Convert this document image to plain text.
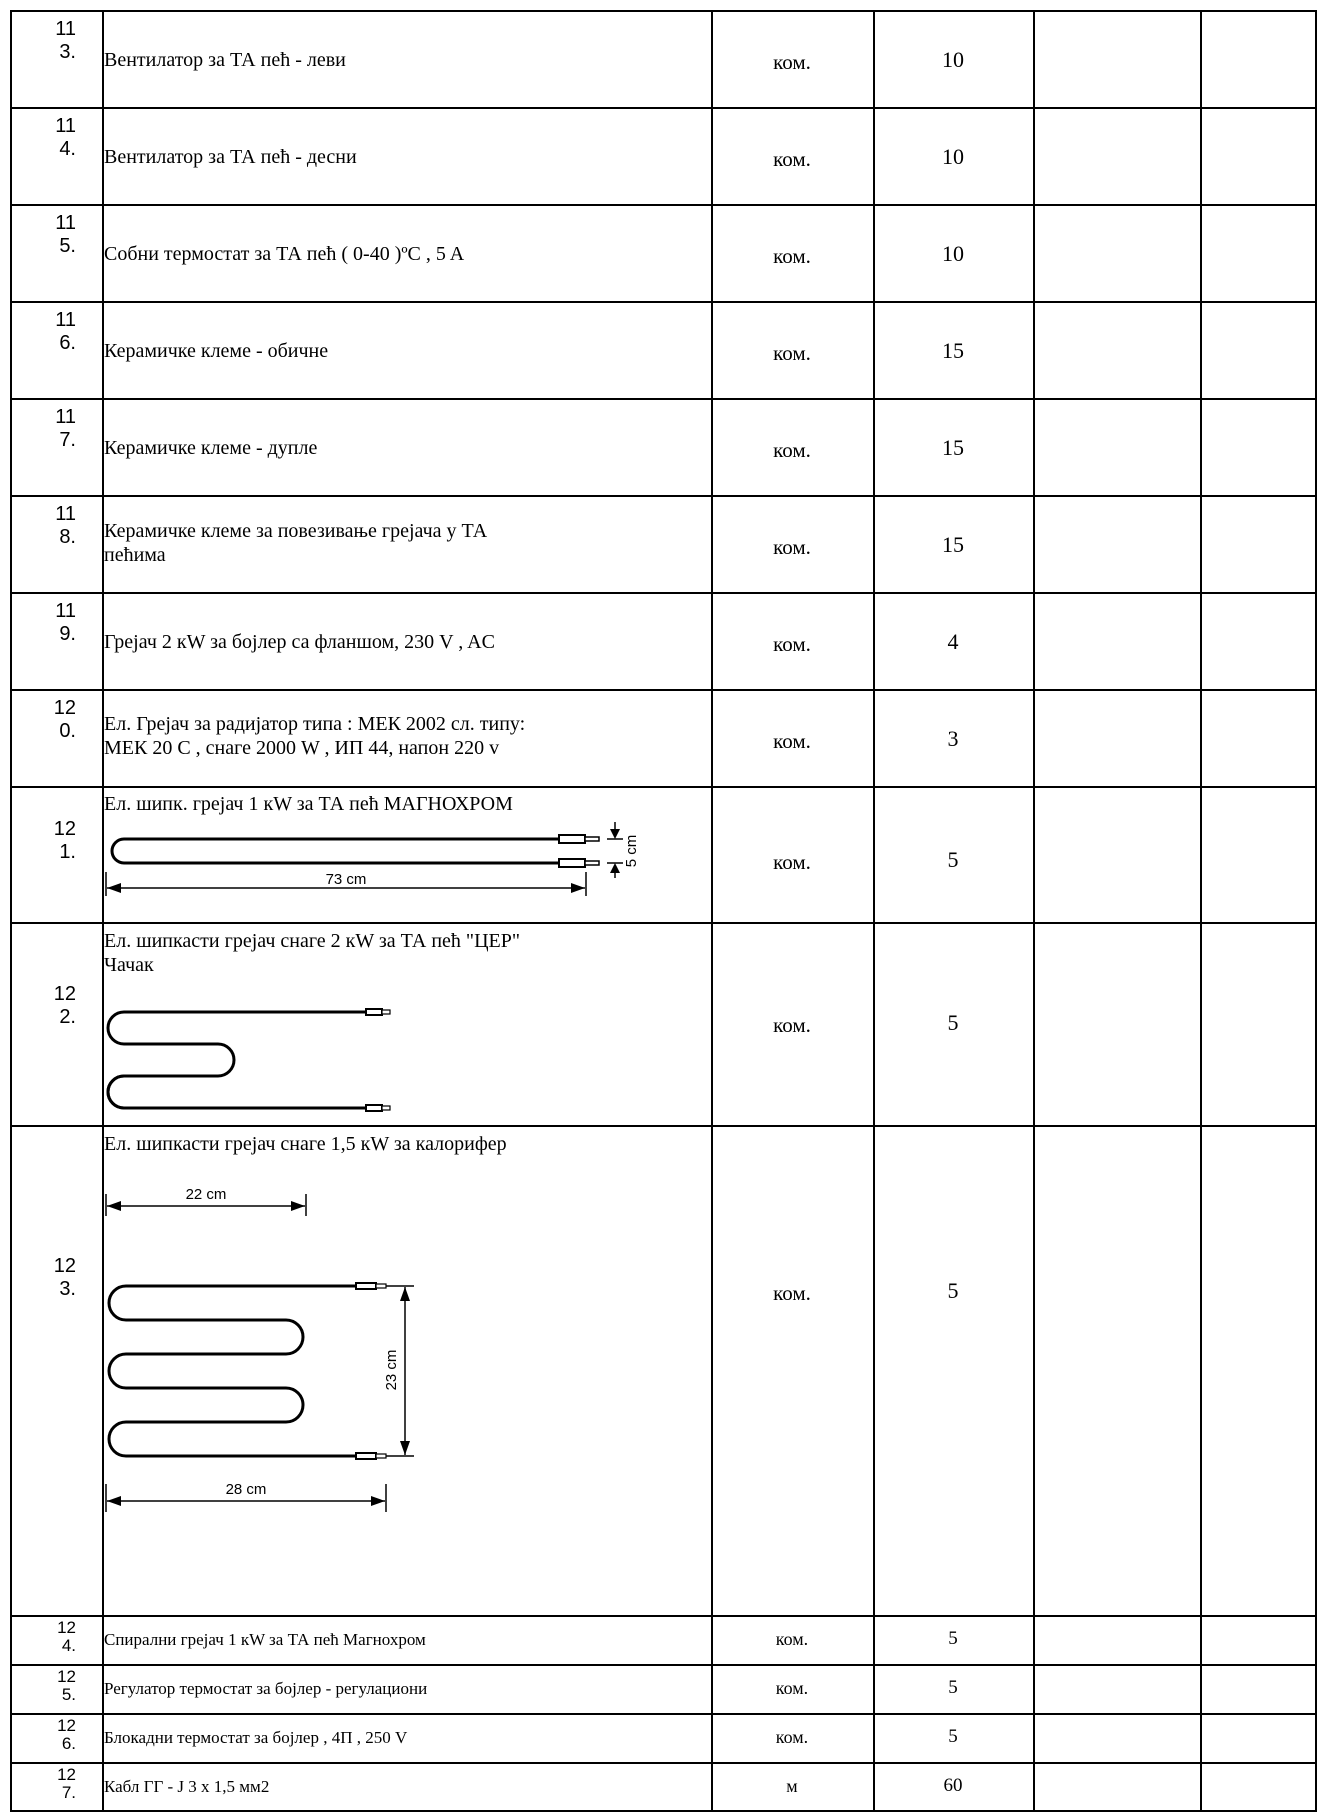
11
3. Вентилатор за ТА пећ - леви	ком.	10
11
4. Вентилатор за ТА пећ - десни	ком.	10
11
5. Собни термостат за ТА пећ ( 0-40 )ºC , 5 A	ком.	10
11
6. Керамичке клеме - обичне	ком.	15
11
7. Керамичке клеме - дупле	ком.	15
11
8. Керамичке клеме за повезивање грејача у ТА
пећима	ком.	15
11
9. Грејач 2 кW за бојлер са фланшом, 230 V , AC	ком.	4
12
0. Ел. Грејач за радијатор типа : МЕК 2002 сл. типу:
МЕК 20 С , снаге 2000 W , ИП 44, напон 220 v	ком.	3
12
1.
Ел. шипк. грејач 1 кW за ТА пећ МАГНОХРОМ
5 cm
73 cm
ком.	5
12
2.
Ел. шипкасти грејач снаге 2 кW за ТА пећ "ЦЕР"
Чачак
ком.	5
12
3.
Ел. шипкасти грејач снаге 1,5 кW за калорифер
22 cm
23 cm
28 cm
ком.	5
12
4. Спирални грејач 1 кW за ТА пећ Магнохром	ком.	5
12
5. Регулатор термостат за бојлер - регулациони	ком.	5
12
6. Блокадни термостат за бојлер , 4П , 250 V	ком.	5
12
7. Кабл ГГ - Ј 3 х 1,5 мм2	м	60
